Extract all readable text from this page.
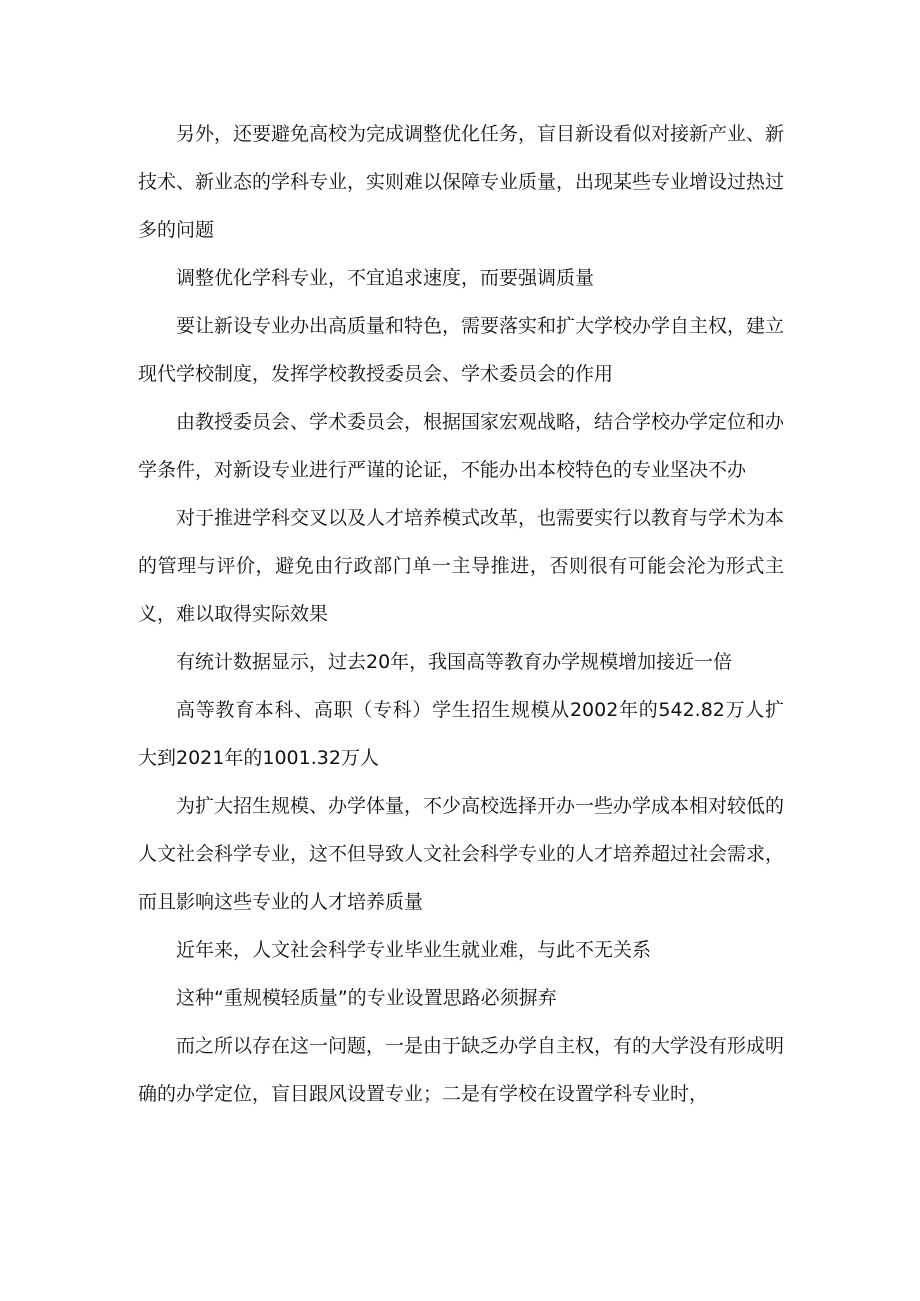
另外，还要避免高校为完成调整优化任务，盲目新设看似对接新产业、新技术、新业态的学科专业，实则难以保障专业质量，出现某些专业增设过热过多的问题

调整优化学科专业，不宜追求速度，而要强调质量

要让新设专业办出高质量和特色，需要落实和扩大学校办学自主权，建立现代学校制度，发挥学校教授委员会、学术委员会的作用

由教授委员会、学术委员会，根据国家宏观战略，结合学校办学定位和办学条件，对新设专业进行严谨的论证，不能办出本校特色的专业坚决不办

对于推进学科交叉以及人才培养模式改革，也需要实行以教育与学术为本的管理与评价，避免由行政部门单一主导推进，否则很有可能会沦为形式主义，难以取得实际效果

有统计数据显示，过去20年，我国高等教育办学规模增加接近一倍

高等教育本科、高职（专科）学生招生规模从2002年的542.82万人扩大到2021年的1001.32万人

为扩大招生规模、办学体量，不少高校选择开办一些办学成本相对较低的人文社会科学专业，这不但导致人文社会科学专业的人才培养超过社会需求，而且影响这些专业的人才培养质量

近年来，人文社会科学专业毕业生就业难，与此不无关系

这种“重规模轻质量”的专业设置思路必须摒弃

而之所以存在这一问题，一是由于缺乏办学自主权，有的大学没有形成明确的办学定位，盲目跟风设置专业；二是有学校在设置学科专业时，
